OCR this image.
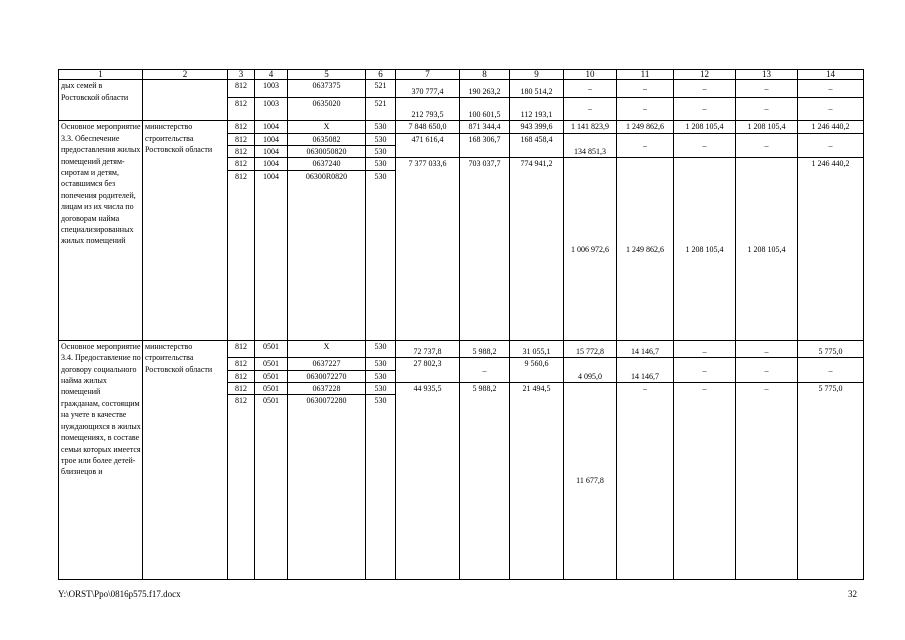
1	2	3	4	5	6	7	8	9	10	11	12	13	14
дых семей в Ростовской области		812	1003	0637375	521	370 777,4	190 263,2	180 514,2	–	–	–	–	–
		812	1003	0635020	521	212 793,5	100 601,5	112 193,1	–	–	–	–	–
Основное мероприятие 3.3. Обеспечение предоставления жилых помещений детям-сиротам и детям, оставшимся без попечения родителей, лицам из их числа по договорам найма специализированных жилых помещений	министерство строительства Ростовской области	812	1004	Х	530	7 848 650,0	871 344,4	943 399,6	1 141 823,9	1 249 862,6	1 208 105,4	1 208 105,4	1 246 440,2
		812	1004	0635082	530	471 616,4	168 306,7	168 458,4	134 851,3	–	–	–	–
		812	1004	0630050820	530								
		812	1004	0637240	530	7 377 033,6	703 037,7	774 941,2	1 006 972,6	1 249 862,6	1 208 105,4	1 208 105,4	1 246 440,2
		812	1004	06300R0820	530								
Основное мероприятие 3.4. Предоставление по договору социального найма жилых помещений гражданам, состоящим на учете в качестве нуждающихся в жилых помещениях, в составе семьи которых имеется трое или более детей-близнецов и	министерство строительства Ростовской области	812	0501	Х	530	72 737,8	5 988,2	31 055,1	15 772,8	14 146,7	–	–	5 775,0
		812	0501	0637227	530	27 802,3	–	9 560,6	4 095,0	14 146,7	–	–	–
		812	0501	0630072270	530								
		812	0501	0637228	530	44 935,5	5 988,2	21 494,5	11 677,8	–	–	–	5 775,0
		812	0501	0630072280	530								
Y:\ORST\Ppo\0816p575.f17.docx	32
